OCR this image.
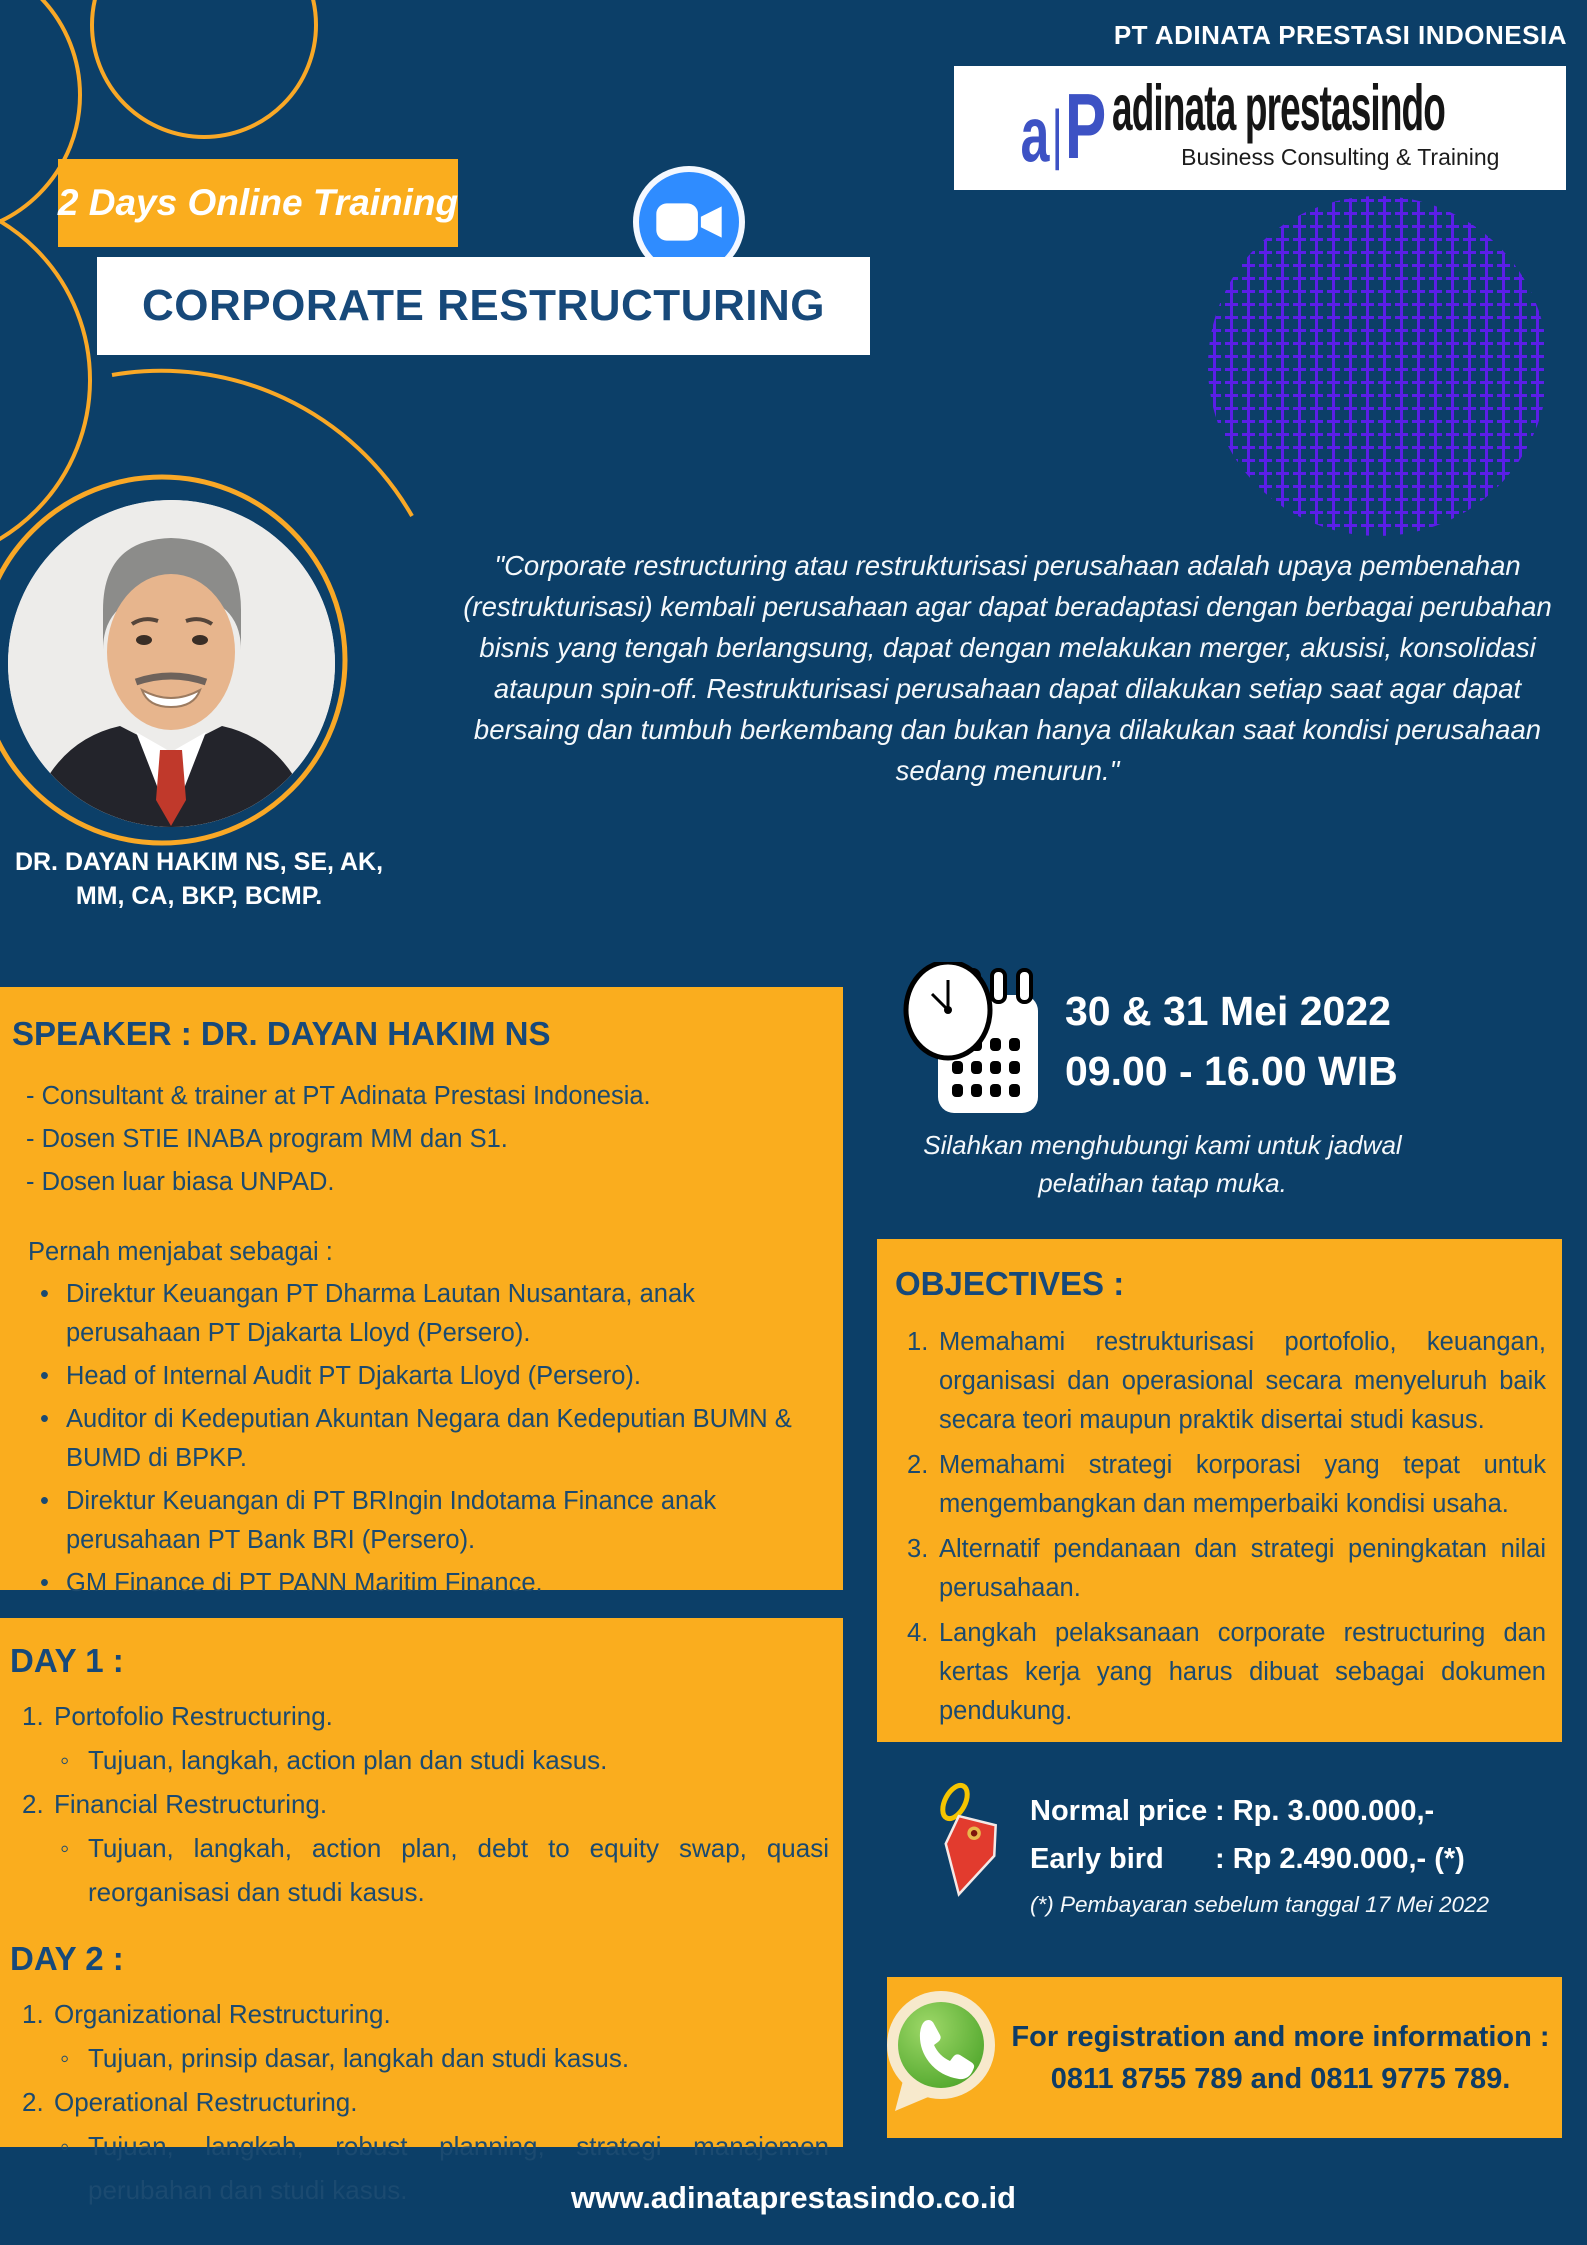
PT ADINATA PRESTASI INDONESIA
a | P adinata prestasindo
Business Consulting & Training
2 Days Online Training
CORPORATE RESTRUCTURING
"Corporate restructuring atau restrukturisasi perusahaan adalah upaya pembenahan (restrukturisasi) kembali perusahaan agar dapat beradaptasi dengan berbagai perubahan bisnis yang tengah berlangsung, dapat dengan melakukan merger, akusisi, konsolidasi ataupun spin-off. Restrukturisasi perusahaan dapat dilakukan setiap saat agar dapat bersaing dan tumbuh berkembang dan bukan hanya dilakukan saat kondisi perusahaan sedang menurun."
DR. DAYAN HAKIM NS, SE, AK,
MM, CA, BKP, BCMP.
SPEAKER : DR. DAYAN HAKIM NS
- Consultant & trainer at PT Adinata Prestasi Indonesia.
- Dosen STIE INABA program MM dan S1.
- Dosen luar biasa UNPAD.
Pernah menjabat sebagai :
• Direktur Keuangan PT Dharma Lautan Nusantara, anak perusahaan PT Djakarta Lloyd (Persero).
• Head of Internal Audit PT Djakarta Lloyd (Persero).
• Auditor di Kedeputian Akuntan Negara dan Kedeputian BUMN & BUMD di BPKP.
• Direktur Keuangan di PT BRIngin Indotama Finance anak perusahaan PT Bank BRI (Persero).
• GM Finance di PT PANN Maritim Finance.
DAY 1 :
Portofolio Restructuring.
◦ Tujuan, langkah, action plan dan studi kasus.
Financial Restructuring.
◦ Tujuan, langkah, action plan, debt to equity swap, quasi reorganisasi dan studi kasus.
DAY 2 :
Organizational Restructuring.
◦ Tujuan, prinsip dasar, langkah dan studi kasus.
Operational Restructuring.
◦ Tujuan, langkah, robust planning, strategi manajemen perubahan dan studi kasus.
30 & 31 Mei 2022
09.00 - 16.00 WIB
Silahkan menghubungi kami untuk jadwal
pelatihan tatap muka.
OBJECTIVES :
Memahami restrukturisasi portofolio, keuangan, organisasi dan operasional secara menyeluruh baik secara teori maupun praktik disertai studi kasus.
Memahami strategi korporasi yang tepat untuk mengembangkan dan memperbaiki kondisi usaha.
Alternatif pendanaan dan strategi peningkatan nilai perusahaan.
Langkah pelaksanaan corporate restructuring dan kertas kerja yang harus dibuat sebagai dokumen pendukung.
Normal price : Rp. 3.000.000,-
Early bird	: Rp 2.490.000,- (*)
(*) Pembayaran sebelum tanggal 17 Mei 2022
For registration and more information :
0811 8755 789 and 0811 9775 789.
www.adinataprestasindo.co.id
